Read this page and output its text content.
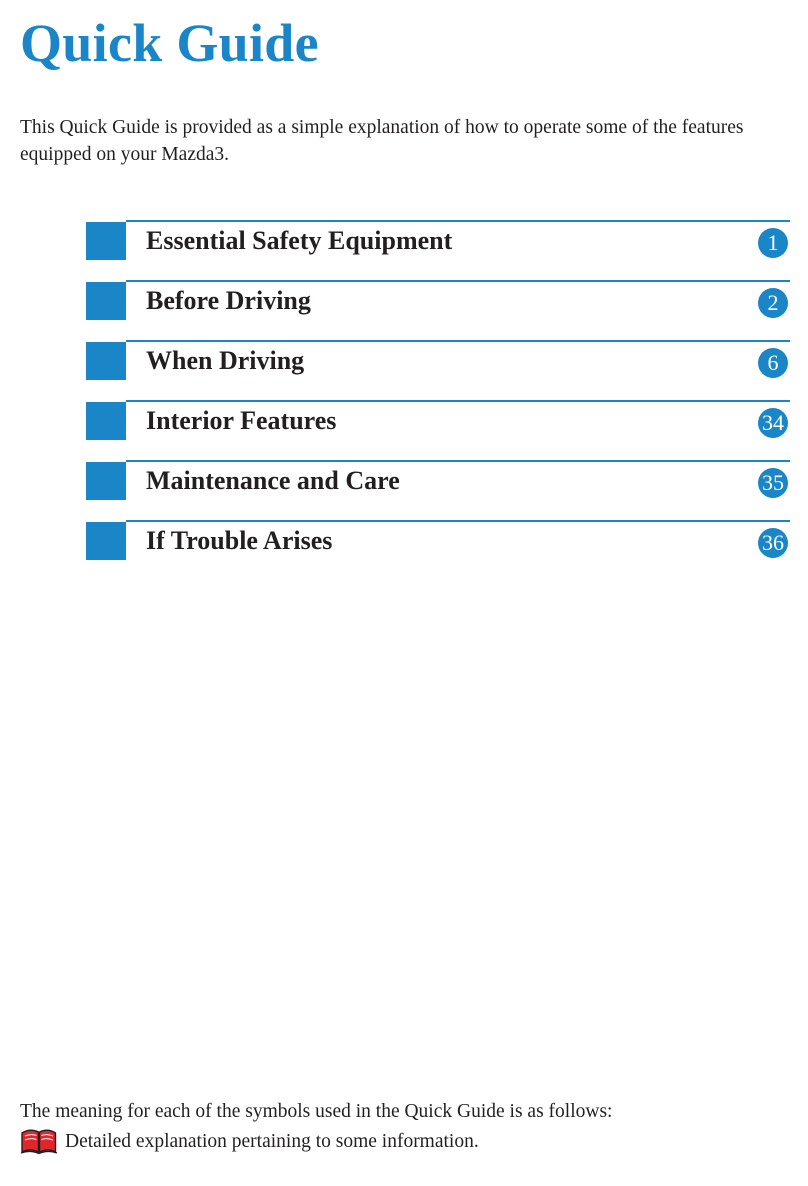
Quick Guide

This Quick Guide is provided as a simple explanation of how to operate some of the features equipped on your Mazda3.

Essential Safety Equipment	1
Before Driving	2
When Driving	6
Interior Features	34
Maintenance and Care	35
If Trouble Arises	36

The meaning for each of the symbols used in the Quick Guide is as follows:

Detailed explanation pertaining to some information.
